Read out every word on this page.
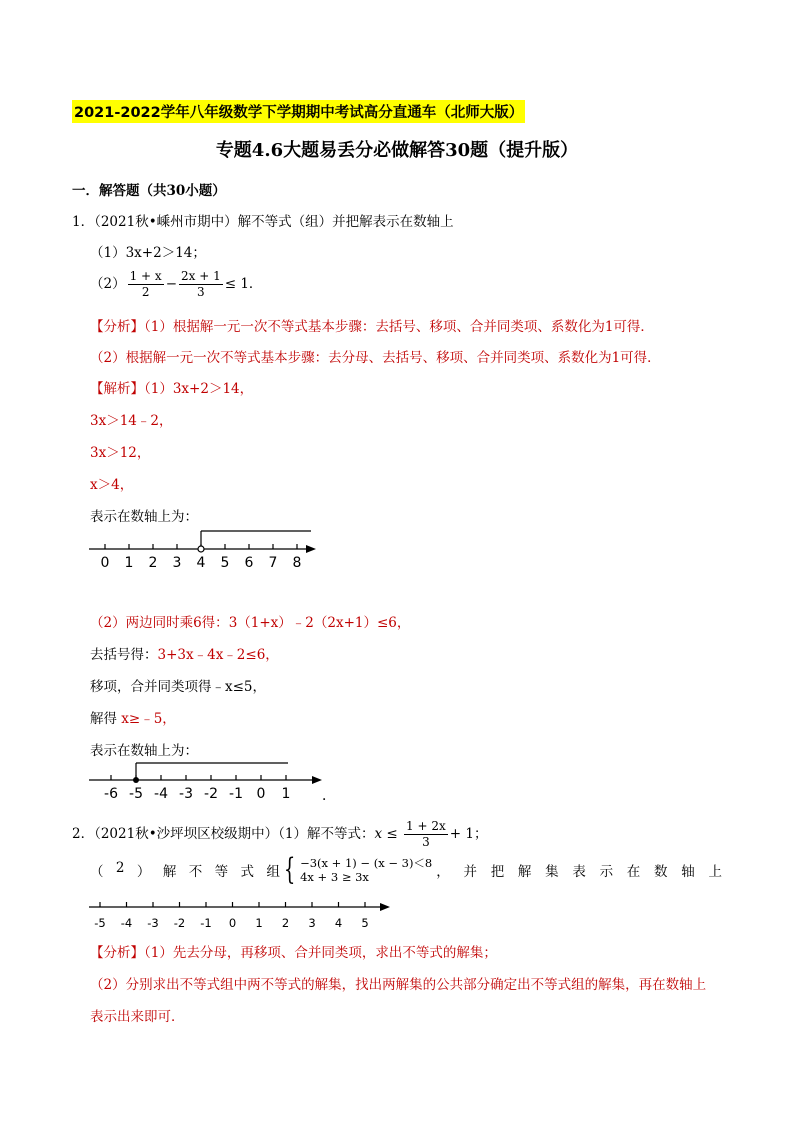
2021-2022学年八年级数学下学期期中考试高分直通车（北师大版）
专题4.6大题易丢分必做解答30题（提升版）
一．解答题（共30小题）
1．（2021秋•嵊州市期中）解不等式（组）并把解表示在数轴上
（1）3x+2＞14；
$(2) \frac{1 + x}{2} - \frac{2x + 1}{3} \le 1$．
【分析】（1）根据解一元一次不等式基本步骤：去括号、移项、合并同类项、系数化为1可得．
（2）根据解一元一次不等式基本步骤：去分母、去括号、移项、合并同类项、系数化为1可得．
【解析】（1）3x+2＞14，
3x＞14﹣2，
3x＞12，
x＞4，
表示在数轴上为：
0 1 2 3 4 5 6 7 8
（2）两边同时乘6得：3（1+x）﹣2（2x+1）≤6，
去括号得：3+3x﹣4x﹣2≤6，
移项，合并同类项得﹣x≤5，
解得 x≥﹣5，
表示在数轴上为：
-6 -5 -4 -3 -2 -1 0 1 ．
2．（2021秋•沙坪坝区校级期中）（1）解不等式：$x \le \frac{1 + 2x}{3} + 1$；
（ 2 ） 解 不 等 式 组 { −3(x + 1) − (x − 3)＜8
4x + 3 ≥ 3x	， 并 把 解 集 表 示 在 数 轴 上
-5 -4 -3 -2 -1 0 1 2 3 4 5
【分析】（1）先去分母，再移项、合并同类项，求出不等式的解集；
（2）分别求出不等式组中两不等式的解集，找出两解集的公共部分确定出不等式组的解集，再在数轴上
表示出来即可．
